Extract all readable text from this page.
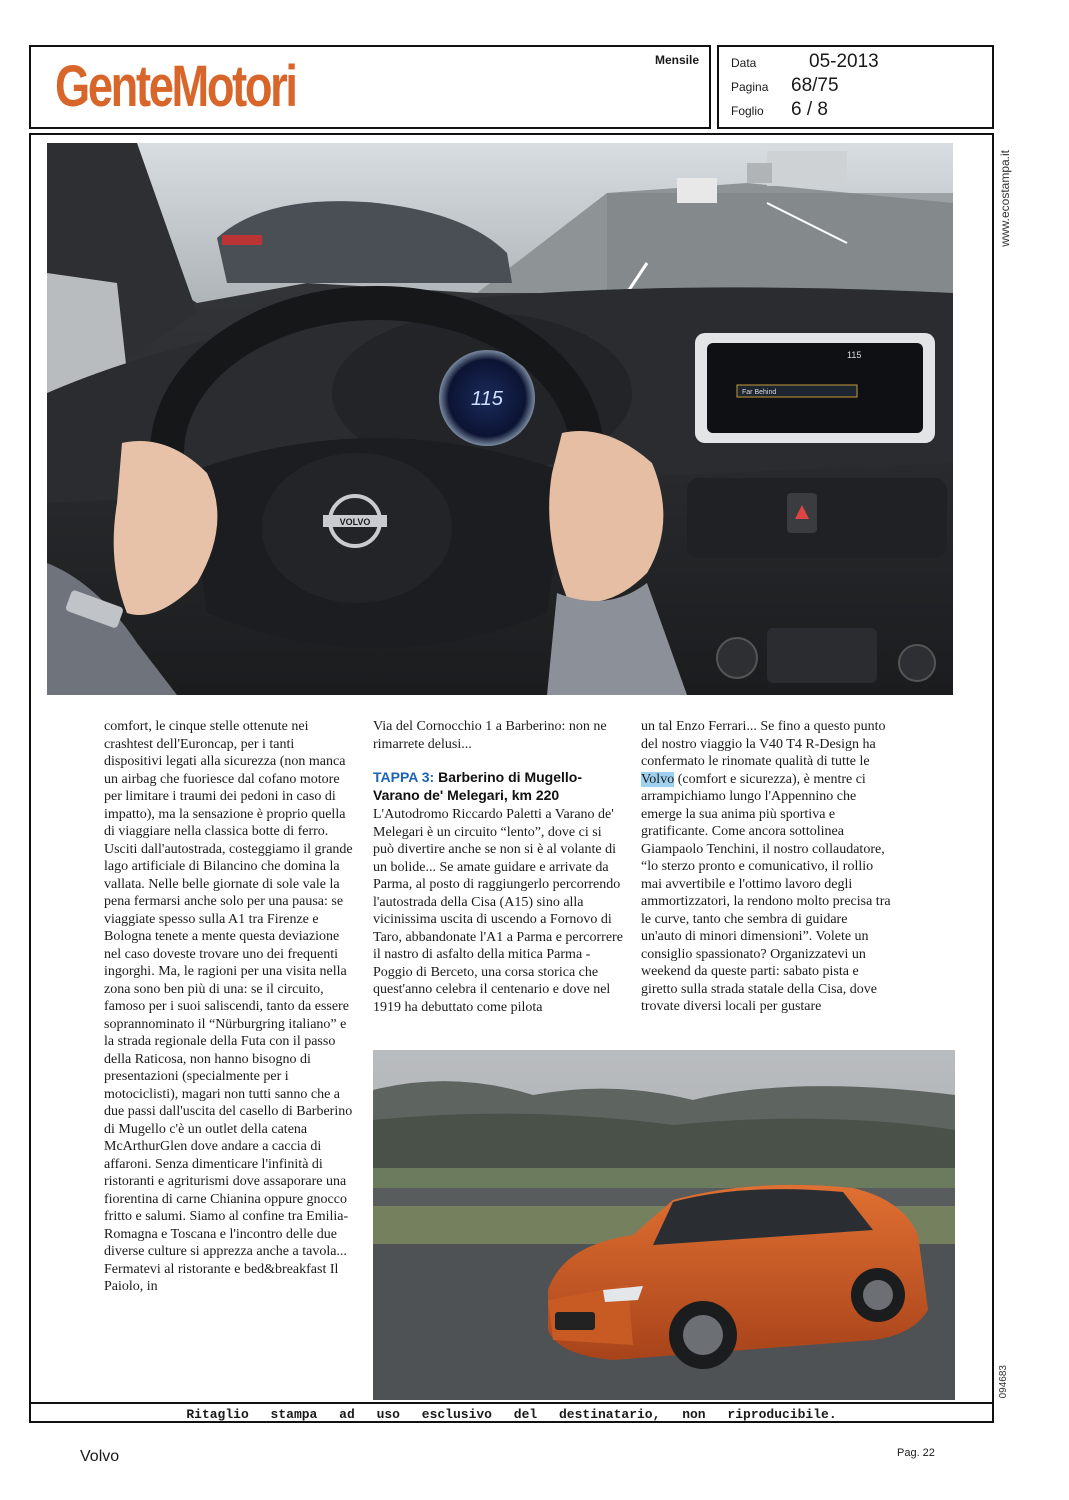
GenteMotori	Mensile	Data	05-2013
Pagina 68/75
Foglio 6 / 8
www.ecostampa.it
094683
115
115
Far Behind
VOLVO

comfort, le cinque stelle ottenute nei crashtest dell'Euroncap, per i tanti dispositivi legati alla sicurezza (non manca un airbag che fuoriesce dal cofano motore per limitare i traumi dei pedoni in caso di impatto), ma la sensazione è proprio quella di viaggiare nella classica botte di ferro. Usciti dall'autostrada, costeggiamo il grande lago artificiale di Bilancino che domina la vallata. Nelle belle giornate di sole vale la pena fermarsi anche solo per una pausa: se viaggiate spesso sulla A1 tra Firenze e Bologna tenete a mente questa deviazione nel caso doveste trovare uno dei frequenti ingorghi. Ma, le ragioni per una visita nella zona sono ben più di una: se il circuito, famoso per i suoi saliscendi, tanto da essere soprannominato il “Nürburgring italiano” e la strada regionale della Futa con il passo della Raticosa, non hanno bisogno di presentazioni (specialmente per i motociclisti), magari non tutti sanno che a due passi dall'uscita del casello di Barberino di Mugello c'è un outlet della catena McArthurGlen dove andare a caccia di affaroni. Senza dimenticare l'infinità di ristoranti e agriturismi dove assaporare una fiorentina di carne Chianina oppure gnocco fritto e salumi. Siamo al confine tra Emilia-Romagna e Toscana e l'incontro delle due diverse culture si apprezza anche a tavola... Fermatevi al ristorante e bed&breakfast Il Paiolo, in

Via del Cornocchio 1 a Barberino: non ne rimarrete delusi...

TAPPA 3: Barberino di Mugello-Varano de' Melegari, km 220

L'Autodromo Riccardo Paletti a Varano de' Melegari è un circuito “lento”, dove ci si può divertire anche se non si è al volante di un bolide... Se amate guidare e arrivate da Parma, al posto di raggiungerlo percorrendo l'autostrada della Cisa (A15) sino alla vicinissima uscita di uscendo a Fornovo di Taro, abbandonate l'A1 a Parma e percorrere il nastro di asfalto della mitica Parma - Poggio di Berceto, una corsa storica che quest'anno celebra il centenario e dove nel 1919 ha debuttato come pilota

un tal Enzo Ferrari... Se fino a questo punto del nostro viaggio la V40 T4 R-Design ha confermato le rinomate qualità di tutte le Volvo (comfort e sicurezza), è mentre ci arrampichiamo lungo l'Appennino che emerge la sua anima più sportiva e gratificante. Come ancora sottolinea Giampaolo Tenchini, il nostro collaudatore, “lo sterzo pronto e comunicativo, il rollio mai avvertibile e l'ottimo lavoro degli ammortizzatori, la rendono molto precisa tra le curve, tanto che sembra di guidare un'auto di minori dimensioni”. Volete un consiglio spassionato? Organizzatevi un weekend da queste parti: sabato pista e giretto sulla strada statale della Cisa, dove trovate diversi locali per gustare

Ritaglio stampa ad uso esclusivo del destinatario, non riproducibile.
Volvo	Pag. 22
